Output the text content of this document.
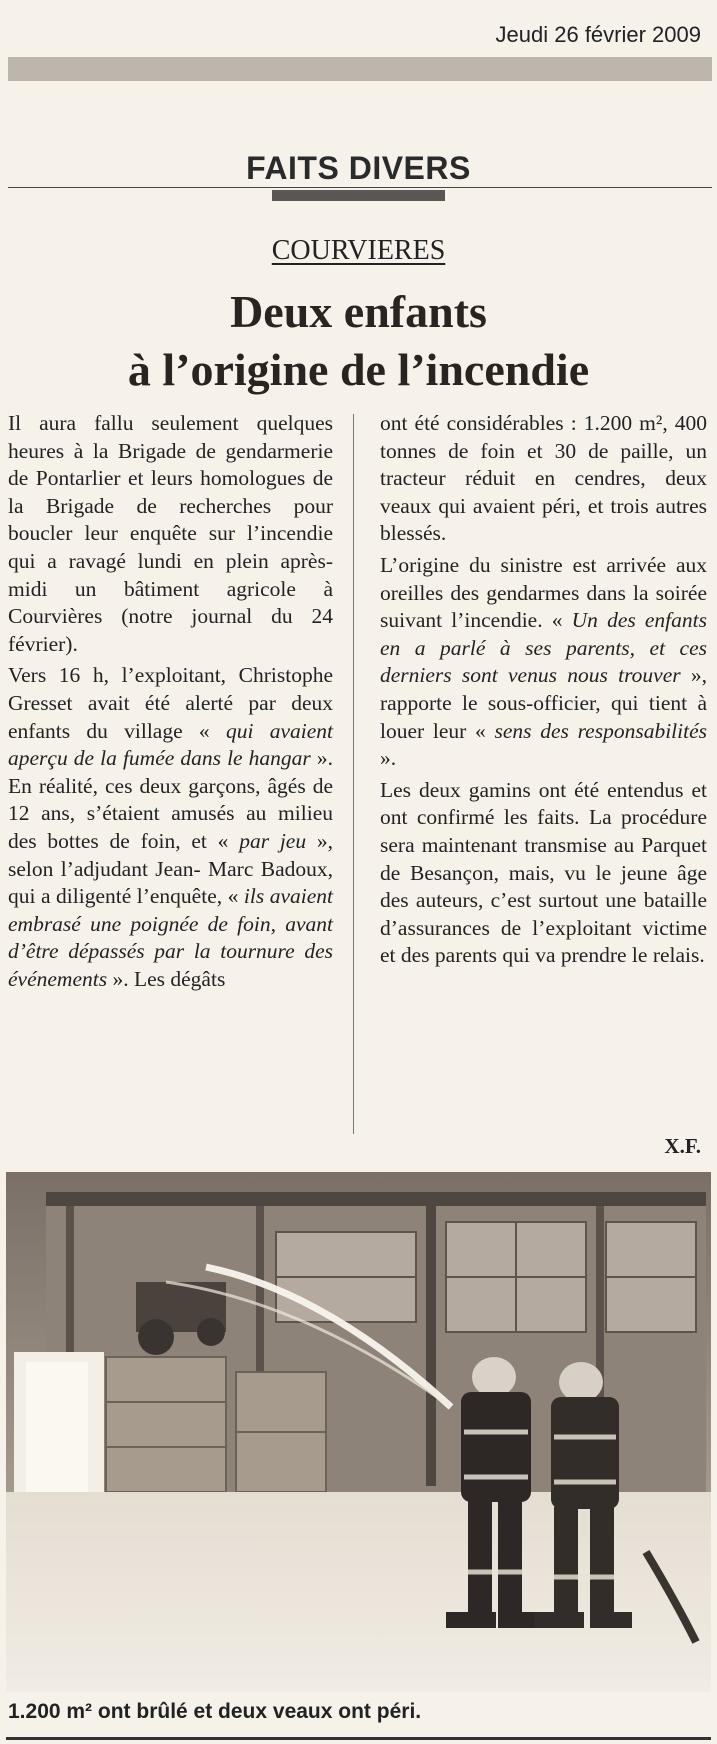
Jeudi 26 février 2009
FAITS DIVERS
COURVIERES
Deux enfants
à l’origine de l’incendie

Il aura fallu seulement quelques heures à la Brigade de gendarmerie de Pontarlier et leurs homologues de la Brigade de recherches pour boucler leur enquête sur l’incendie qui a ravagé lundi en plein après-midi un bâtiment agricole à Courvières (notre journal du 24 février).

Vers 16 h, l’exploitant, Christophe Gresset avait été alerté par deux enfants du village « qui avaient aperçu de la fumée dans le hangar ». En réalité, ces deux garçons, âgés de 12 ans, s’étaient amusés au milieu des bottes de foin, et « par jeu », selon l’adjudant Jean- Marc Badoux, qui a diligenté l’enquête, « ils avaient embrasé une poignée de foin, avant d’être dépassés par la tournure des événements ». Les dégâts

ont été considérables : 1.200 m², 400 tonnes de foin et 30 de paille, un tracteur réduit en cendres, deux veaux qui avaient péri, et trois autres blessés.

L’origine du sinistre est arrivée aux oreilles des gendarmes dans la soirée suivant l’incendie. « Un des enfants en a parlé à ses parents, et ces derniers sont venus nous trouver », rapporte le sous-officier, qui tient à louer leur « sens des responsabilités ».

Les deux gamins ont été entendus et ont confirmé les faits. La procédure sera maintenant transmise au Parquet de Besançon, mais, vu le jeune âge des auteurs, c’est surtout une bataille d’assurances de l’exploitant victime et des parents qui va prendre le relais.

X.F.
1.200 m² ont brûlé et deux veaux ont péri.
